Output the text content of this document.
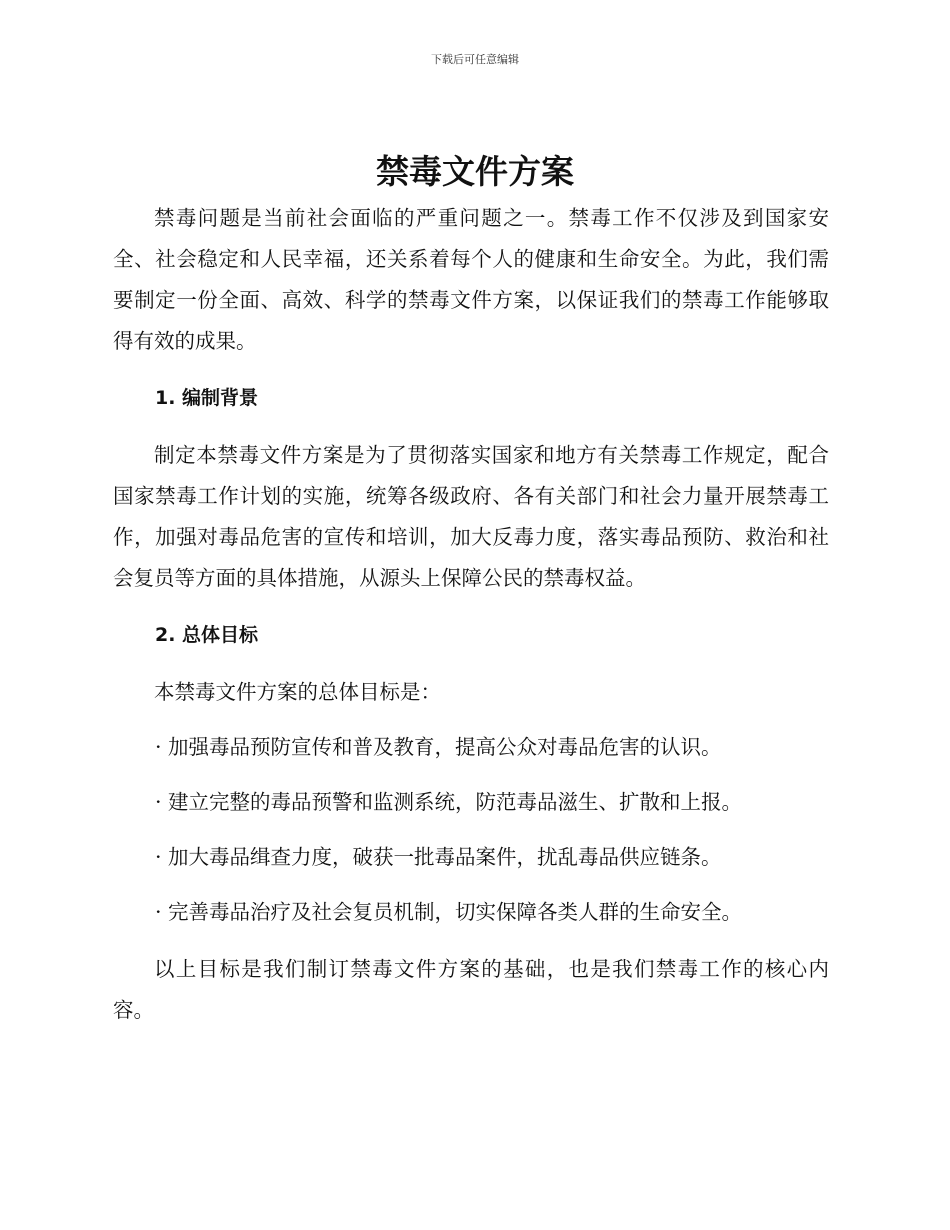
下载后可任意编辑
禁毒文件方案

禁毒问题是当前社会面临的严重问题之一。禁毒工作不仅涉及到国家安全、社会稳定和人民幸福，还关系着每个人的健康和生命安全。为此，我们需要制定一份全面、高效、科学的禁毒文件方案，以保证我们的禁毒工作能够取得有效的成果。

1. 编制背景

制定本禁毒文件方案是为了贯彻落实国家和地方有关禁毒工作规定，配合国家禁毒工作计划的实施，统筹各级政府、各有关部门和社会力量开展禁毒工作，加强对毒品危害的宣传和培训，加大反毒力度，落实毒品预防、救治和社会复员等方面的具体措施，从源头上保障公民的禁毒权益。

2. 总体目标

本禁毒文件方案的总体目标是：

· 加强毒品预防宣传和普及教育，提高公众对毒品危害的认识。
· 建立完整的毒品预警和监测系统，防范毒品滋生、扩散和上报。
· 加大毒品缉查力度，破获一批毒品案件，扰乱毒品供应链条。
· 完善毒品治疗及社会复员机制，切实保障各类人群的生命安全。

以上目标是我们制订禁毒文件方案的基础，也是我们禁毒工作的核心内容。
